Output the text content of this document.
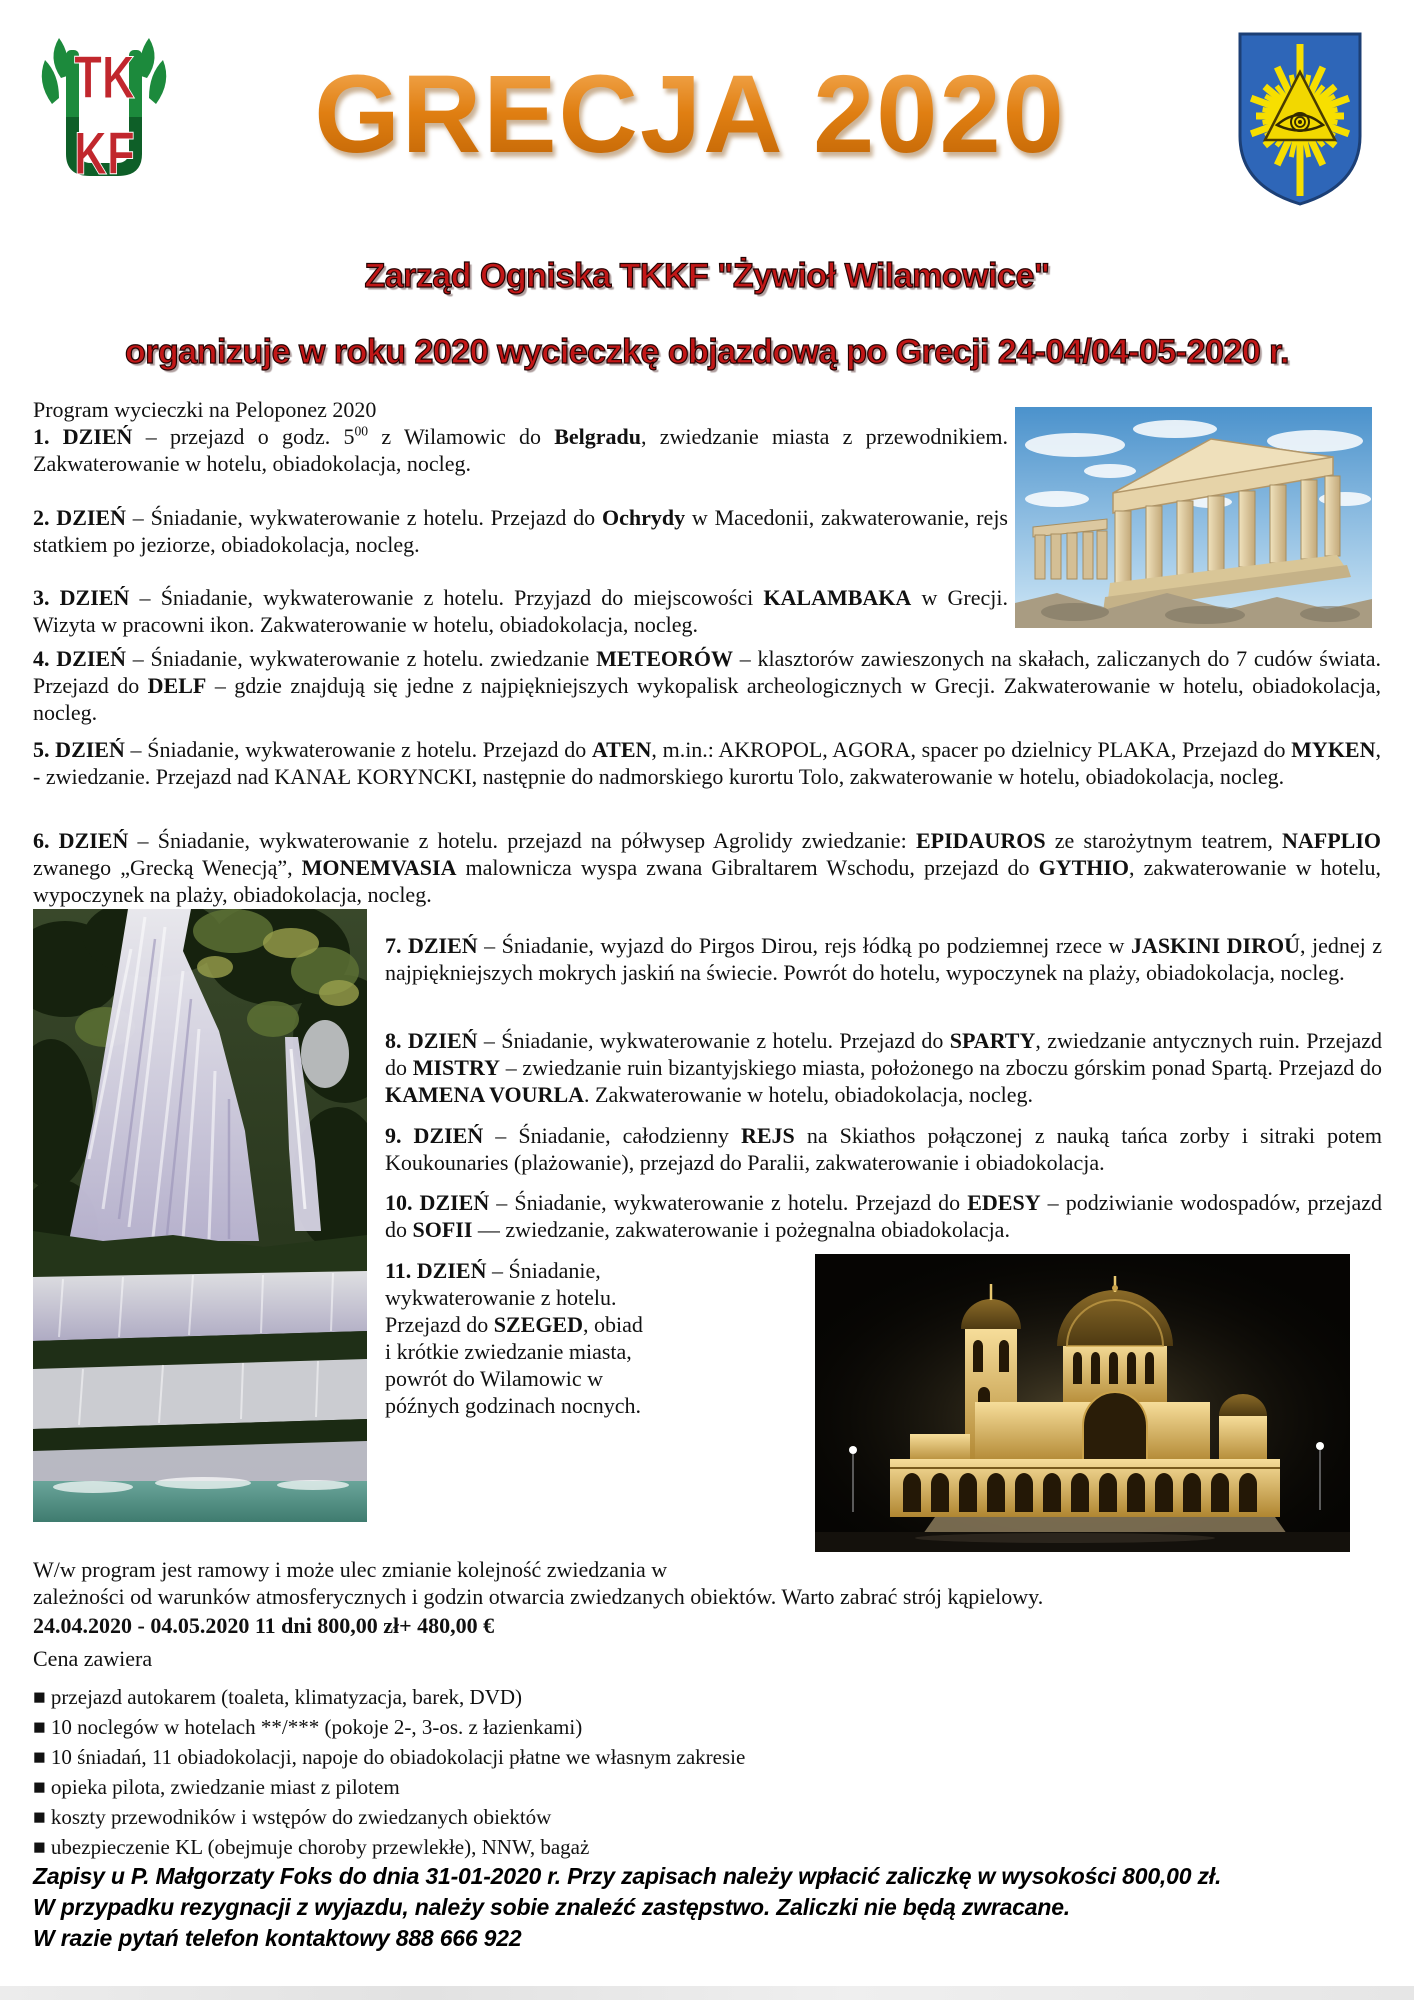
TK
KF	GRECJA 2020
Zarząd Ogniska TKKF "Żywioł Wilamowice"
organizuje w roku 2020 wycieczkę objazdową po Grecji 24-04/04-05-2020 r.
Program wycieczki na Peloponez 2020
1. DZIEŃ – przejazd o godz. $5^{00}$ z Wilamowic do Belgradu, zwiedzanie miasta z przewodnikiem. Zakwaterowanie w hotelu, obiadokolacja, nocleg.
2. DZIEŃ – Śniadanie, wykwaterowanie z hotelu. Przejazd do Ochrydy w Macedonii, zakwaterowanie, rejs statkiem po jeziorze, obiadokolacja, nocleg.
3. DZIEŃ – Śniadanie, wykwaterowanie z hotelu. Przyjazd do miejscowości KALAMBAKA w Grecji. Wizyta w pracowni ikon. Zakwaterowanie w hotelu, obiadokolacja, nocleg.
4. DZIEŃ – Śniadanie, wykwaterowanie z hotelu. zwiedzanie METEORÓW – klasztorów zawieszonych na skałach, zaliczanych do 7 cudów świata. Przejazd do DELF – gdzie znajdują się jedne z najpiękniejszych wykopalisk archeologicznych w Grecji. Zakwaterowanie w hotelu, obiadokolacja, nocleg.
5. DZIEŃ – Śniadanie, wykwaterowanie z hotelu. Przejazd do ATEN, m.in.: AKROPOL, AGORA, spacer po dzielnicy PLAKA, Przejazd do MYKEN, - zwiedzanie. Przejazd nad KANAŁ KORYNCKI, następnie do nadmorskiego kurortu Tolo, zakwaterowanie w hotelu, obiadokolacja, nocleg.
6. DZIEŃ – Śniadanie, wykwaterowanie z hotelu. przejazd na półwysep Agrolidy zwiedzanie: EPIDAUROS ze starożytnym teatrem, NAFPLIO zwanego „Grecką Wenecją”, MONEMVASIA malownicza wyspa zwana Gibraltarem Wschodu, przejazd do GYTHIO, zakwaterowanie w hotelu, wypoczynek na plaży, obiadokolacja, nocleg.
7. DZIEŃ – Śniadanie, wyjazd do Pirgos Dirou, rejs łódką po podziemnej rzece w JASKINI DIROÚ, jednej z najpiękniejszych mokrych jaskiń na świecie. Powrót do hotelu, wypoczynek na plaży, obiadokolacja, nocleg.
8. DZIEŃ – Śniadanie, wykwaterowanie z hotelu. Przejazd do SPARTY, zwiedzanie antycznych ruin. Przejazd do MISTRY – zwiedzanie ruin bizantyjskiego miasta, położonego na zboczu górskim ponad Spartą. Przejazd do KAMENA VOURLA. Zakwaterowanie w hotelu, obiadokolacja, nocleg.
9. DZIEŃ – Śniadanie, całodzienny REJS na Skiathos połączonej z nauką tańca zorby i sitraki potem Koukounaries (plażowanie), przejazd do Paralii, zakwaterowanie i obiadokolacja.
10. DZIEŃ – Śniadanie, wykwaterowanie z hotelu. Przejazd do EDESY – podziwianie wodospadów, przejazd do SOFII — zwiedzanie, zakwaterowanie i pożegnalna obiadokolacja.
11. DZIEŃ – Śniadanie, wykwaterowanie z hotelu. Przejazd do SZEGED, obiad i krótkie zwiedzanie miasta, powrót do Wilamowic w późnych godzinach nocnych.
W/w program jest ramowy i może ulec zmianie kolejność zwiedzania w
zależności od warunków atmosferycznych i godzin otwarcia zwiedzanych obiektów. Warto zabrać strój kąpielowy.
24.04.2020 - 04.05.2020 11 dni 800,00 zł+ 480,00 €
Cena zawiera
■ przejazd autokarem (toaleta, klimatyzacja, barek, DVD)
■ 10 noclegów w hotelach **/*** (pokoje 2-, 3-os. z łazienkami)
■ 10 śniadań, 11 obiadokolacji, napoje do obiadokolacji płatne we własnym zakresie
■ opieka pilota, zwiedzanie miast z pilotem
■ koszty przewodników i wstępów do zwiedzanych obiektów
■ ubezpieczenie KL (obejmuje choroby przewlekłe), NNW, bagaż
Zapisy u P. Małgorzaty Foks do dnia 31-01-2020 r. Przy zapisach należy wpłacić zaliczkę w wysokości 800,00 zł.
W przypadku rezygnacji z wyjazdu, należy sobie znaleźć zastępstwo. Zaliczki nie będą zwracane.
W razie pytań telefon kontaktowy 888 666 922
